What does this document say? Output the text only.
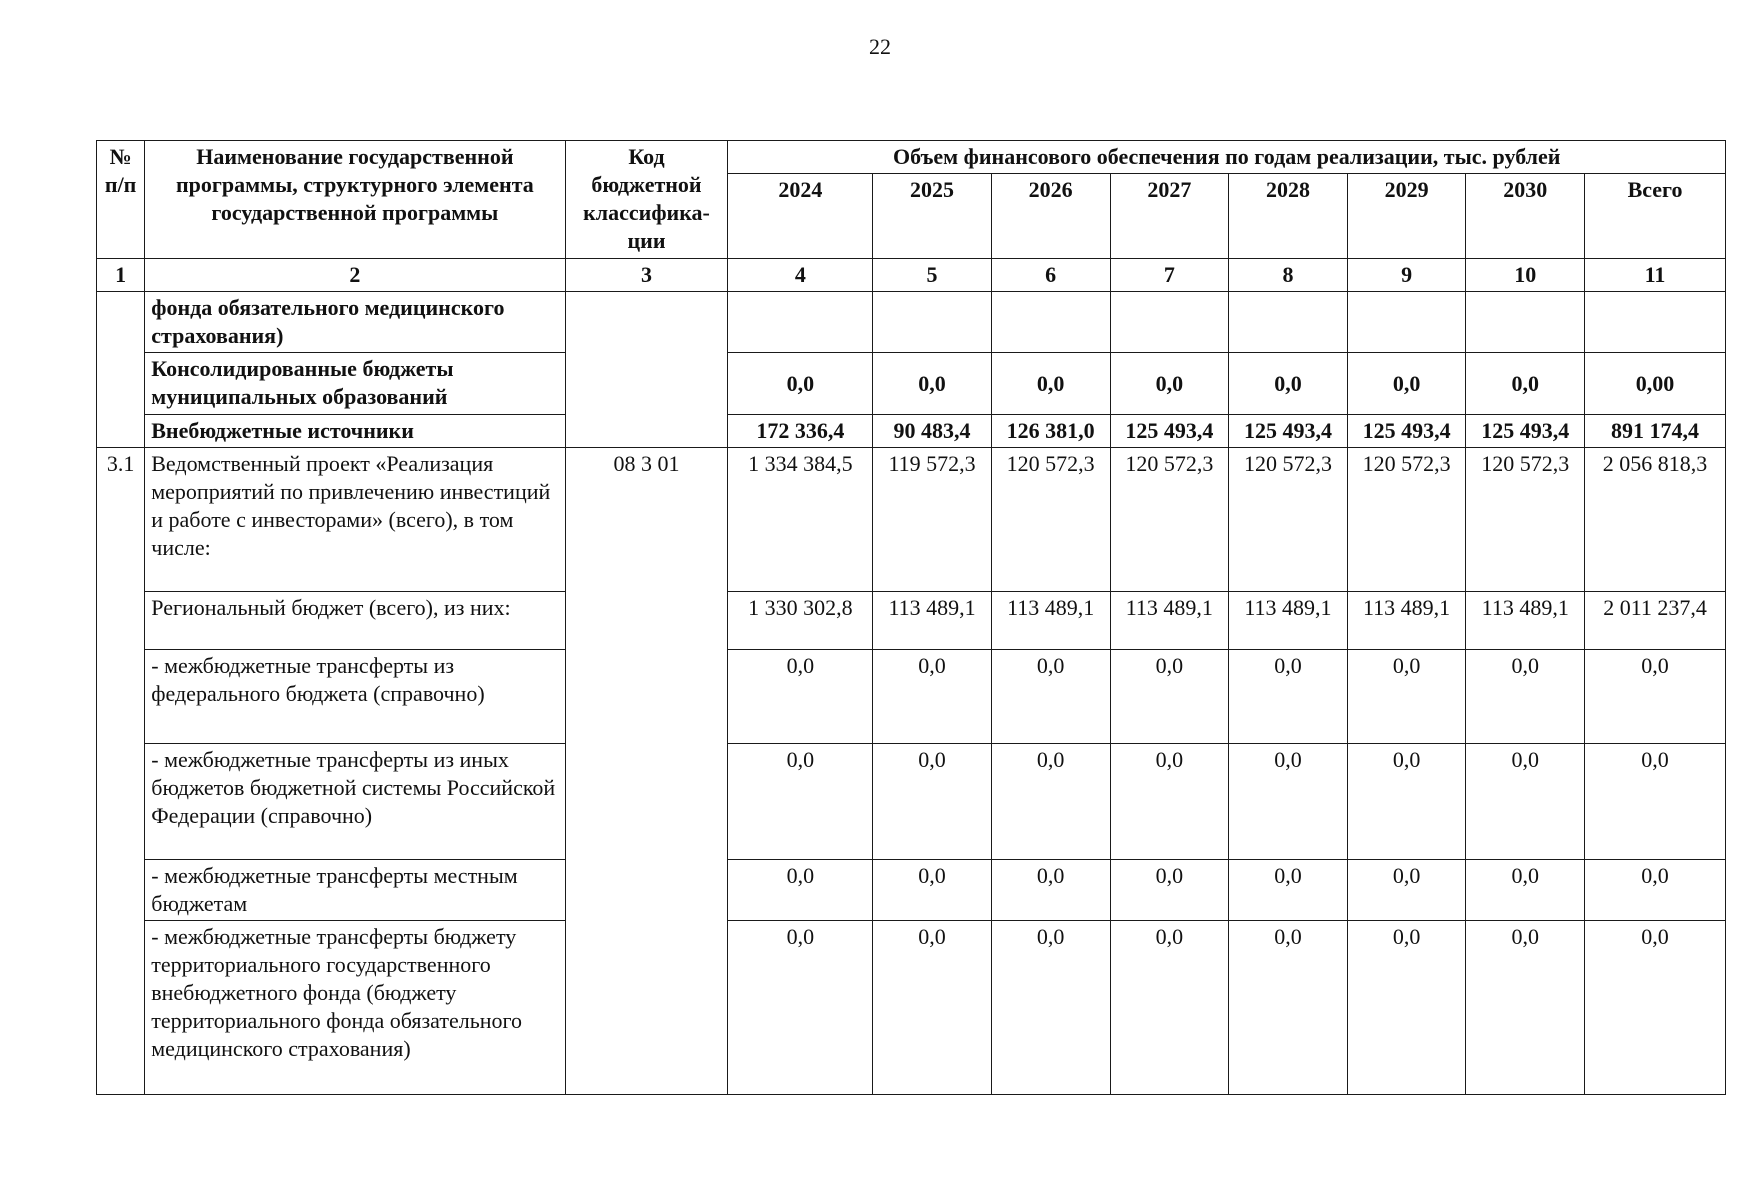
22
№ п/п	Наименование государственной программы, структурного элемента государственной программы	Код бюджетной классифика-ции	Объем финансового обеспечения по годам реализации, тыс. рублей							
			2024	2025	2026	2027	2028	2029	2030	Всего
1	2	3	4	5	6	7	8	9	10	11
	фонда обязательного медицинского страхования)									
	Консолидированные бюджеты муниципальных образований		0,0	0,0	0,0	0,0	0,0	0,0	0,0	0,00
	Внебюджетные источники		172 336,4	90 483,4	126 381,0	125 493,4	125 493,4	125 493,4	125 493,4	891 174,4
3.1	Ведомственный проект «Реализация мероприятий по привлечению инвестиций и работе с инвесторами» (всего), в том числе:	08 3 01	1 334 384,5	119 572,3	120 572,3	120 572,3	120 572,3	120 572,3	120 572,3	2 056 818,3
	Региональный бюджет (всего), из них:		1 330 302,8	113 489,1	113 489,1	113 489,1	113 489,1	113 489,1	113 489,1	2 011 237,4
	- межбюджетные трансферты из федерального бюджета (справочно)		0,0	0,0	0,0	0,0	0,0	0,0	0,0	0,0
	- межбюджетные трансферты из иных бюджетов бюджетной системы Российской Федерации (справочно)		0,0	0,0	0,0	0,0	0,0	0,0	0,0	0,0
	- межбюджетные трансферты местным бюджетам		0,0	0,0	0,0	0,0	0,0	0,0	0,0	0,0
	- межбюджетные трансферты бюджету территориального государственного внебюджетного фонда (бюджету территориального фонда обязательного медицинского страхования)		0,0	0,0	0,0	0,0	0,0	0,0	0,0	0,0
